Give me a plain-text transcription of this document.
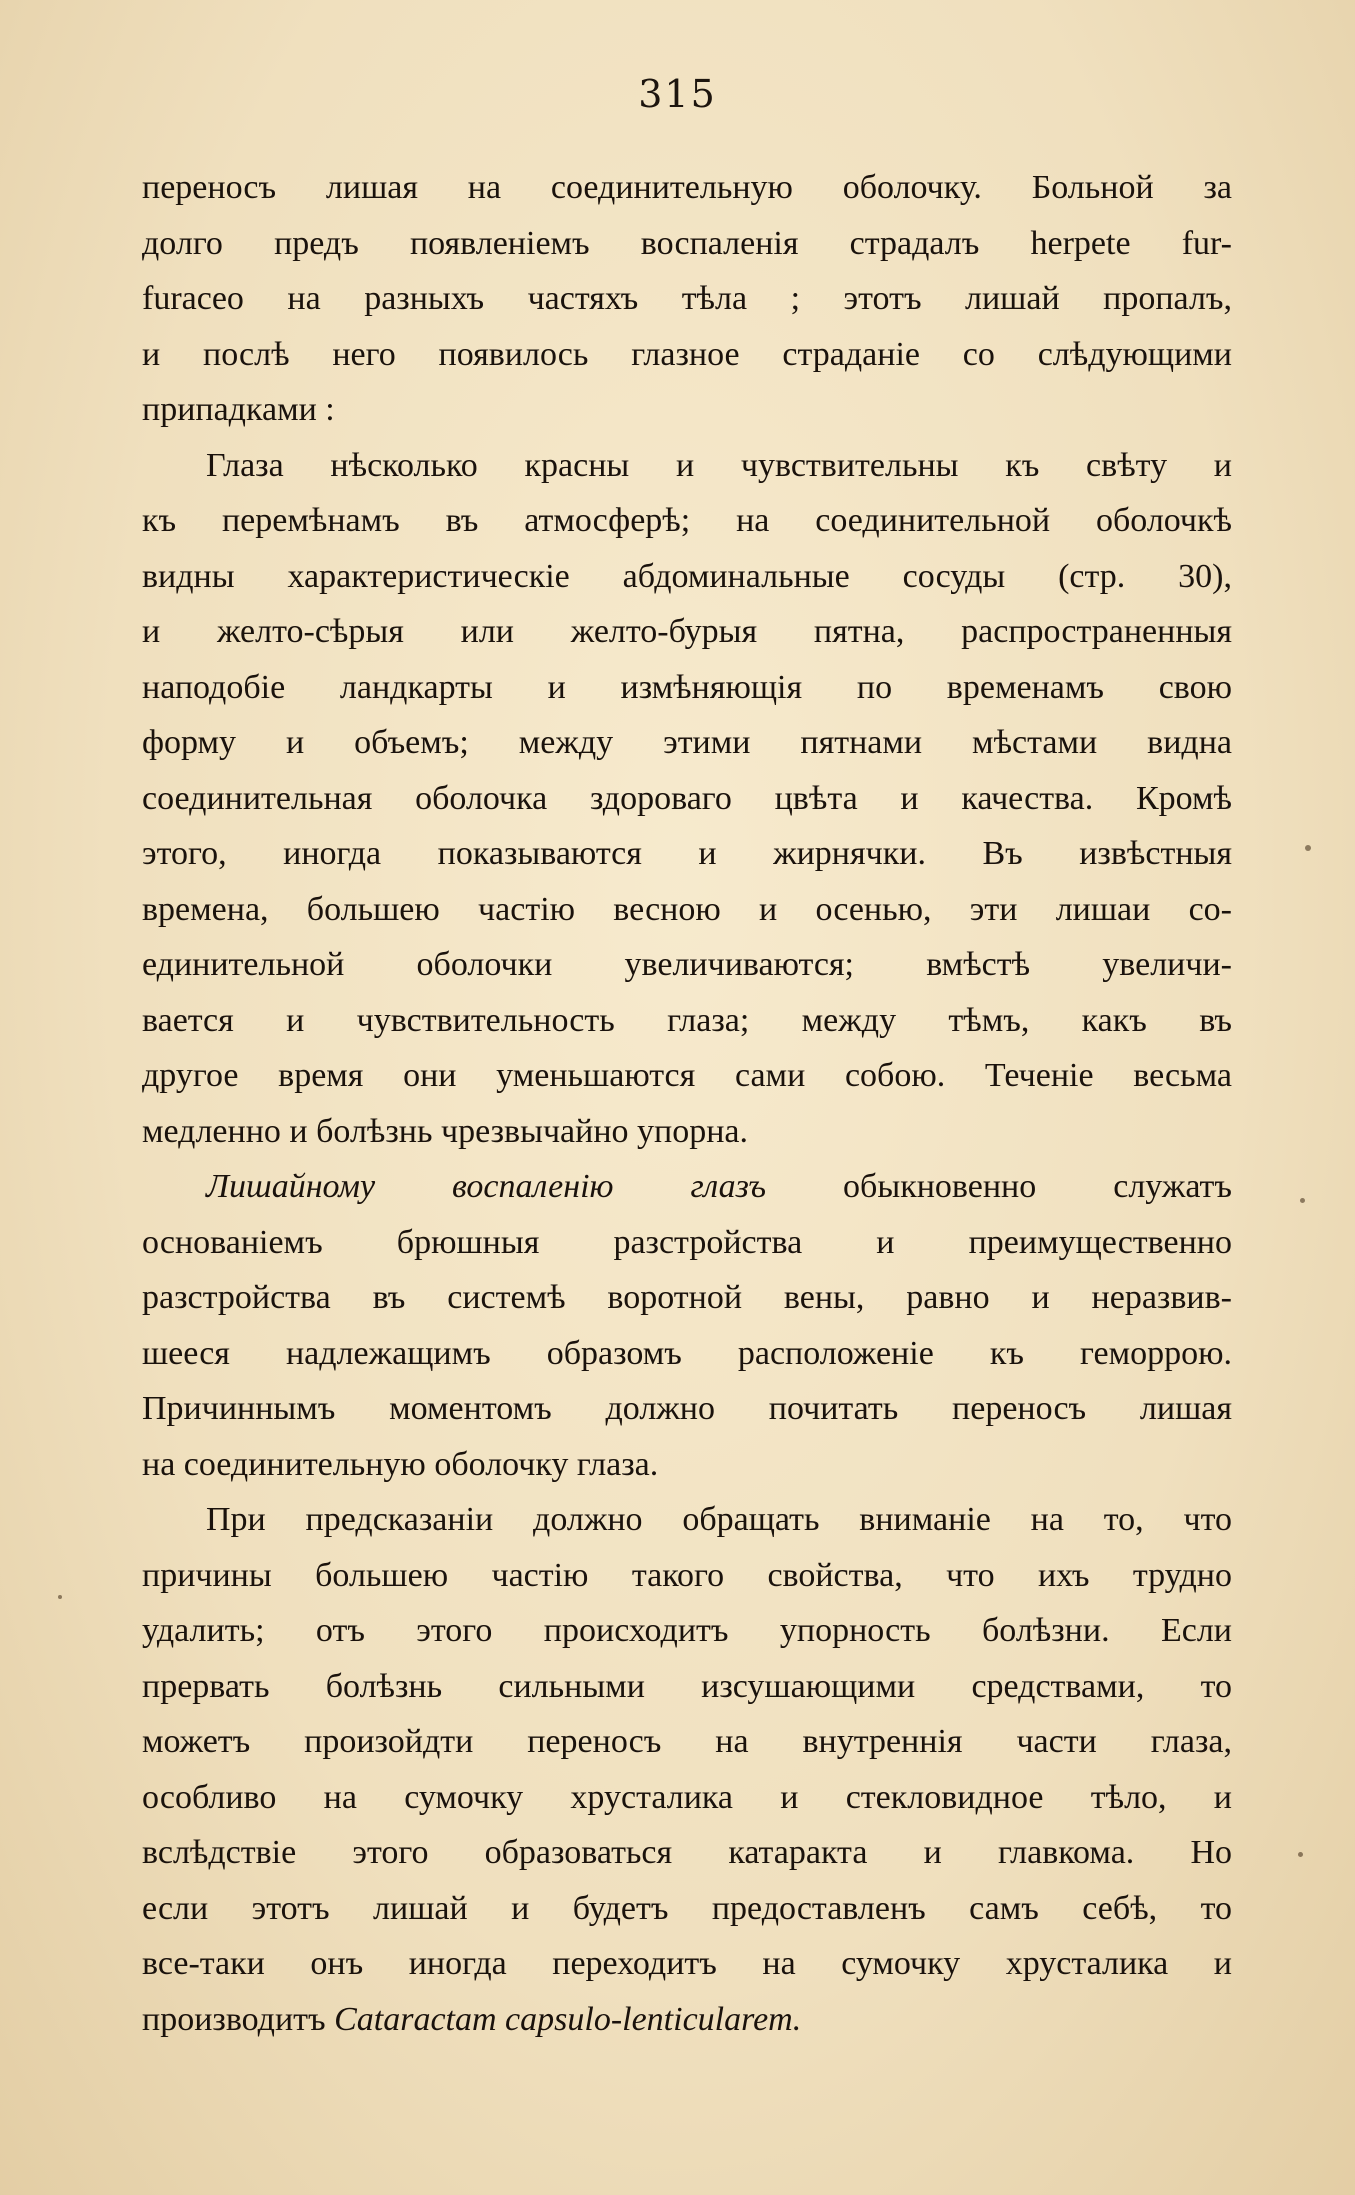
315
переносъ лишая на соединительную оболочку. Больной за
долго предъ появленіемъ воспаленія страдалъ herpete fur-
furaceo на разныхъ частяхъ тѣла ; этотъ лишай пропалъ,
и послѣ него появилось глазное страданіе со слѣдующими
припадками :
Глаза нѣсколько красны и чувствительны къ свѣту и
къ перемѣнамъ въ атмосферѣ; на соединительной оболочкѣ
видны характеристическіе абдоминальные сосуды (стр. 30),
и желто-сѣрыя или желто-бурыя пятна, распространенныя
наподобіе ландкарты и измѣняющія по временамъ свою
форму и объемъ; между этими пятнами мѣстами видна
соединительная оболочка здороваго цвѣта и качества. Кромѣ
этого, иногда показываются и жирнячки. Въ извѣстныя
времена, большею частію весною и осенью, эти лишаи со-
единительной оболочки увеличиваются; вмѣстѣ увеличи-
вается и чувствительность глаза; между тѣмъ, какъ въ
другое время они уменьшаются сами собою. Теченіе весьма
медленно и болѣзнь чрезвычайно упорна.
Лишайному воспаленію глазъ обыкновенно служатъ
основаніемъ брюшныя разстройства и преимущественно
разстройства въ системѣ воротной вены, равно и неразвив-
шееся надлежащимъ образомъ расположеніе къ геморрою.
Причиннымъ моментомъ должно почитать переносъ лишая
на соединительную оболочку глаза.
При предсказаніи должно обращать вниманіе на то, что
причины большею частію такого свойства, что ихъ трудно
удалить; отъ этого происходитъ упорность болѣзни. Если
прервать болѣзнь сильными изсушающими средствами, то
можетъ произойдти переносъ на внутреннія части глаза,
особливо на сумочку хрусталика и стекловидное тѣло, и
вслѣдствіе этого образоваться катаракта и главкома. Но
если этотъ лишай и будетъ предоставленъ самъ себѣ, то
все-таки онъ иногда переходитъ на сумочку хрусталика и
производитъ Cataractam capsulo-lenticularem.
